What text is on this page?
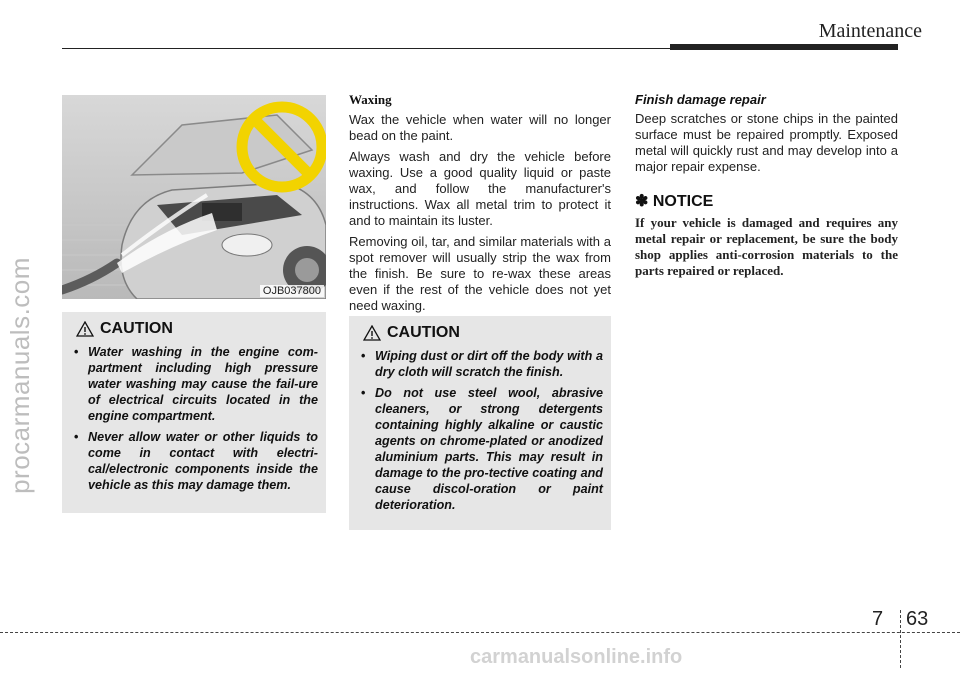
Maintenance
procarmanuals.com	OJB037800
CAUTION
• Water washing in the engine com-partment including high pressure water washing may cause the fail-ure of electrical circuits located in the engine compartment.
• Never allow water or other liquids to come in contact with electri-cal/electronic components inside the vehicle as this may damage them.
Waxing

Wax the vehicle when water will no longer bead on the paint.

Always wash and dry the vehicle before waxing. Use a good quality liquid or paste wax, and follow the manufacturer's instructions. Wax all metal trim to protect it and to maintain its luster.

Removing oil, tar, and similar materials with a spot remover will usually strip the wax from the finish. Be sure to re-wax these areas even if the rest of the vehicle does not yet need waxing.

CAUTION
• Wiping dust or dirt off the body with a dry cloth will scratch the finish.
• Do not use steel wool, abrasive cleaners, or strong detergents containing highly alkaline or caustic agents on chrome-plated or anodized aluminium parts. This may result in damage to the pro-tective coating and cause discol-oration or paint deterioration.
Finish damage repair

Deep scratches or stone chips in the painted surface must be repaired promptly. Exposed metal will quickly rust and may develop into a major repair expense.

✽ NOTICE

If your vehicle is damaged and requires any metal repair or replacement, be sure the body shop applies anti-corrosion materials to the parts repaired or replaced.

7 63
carmanualsonline.info
